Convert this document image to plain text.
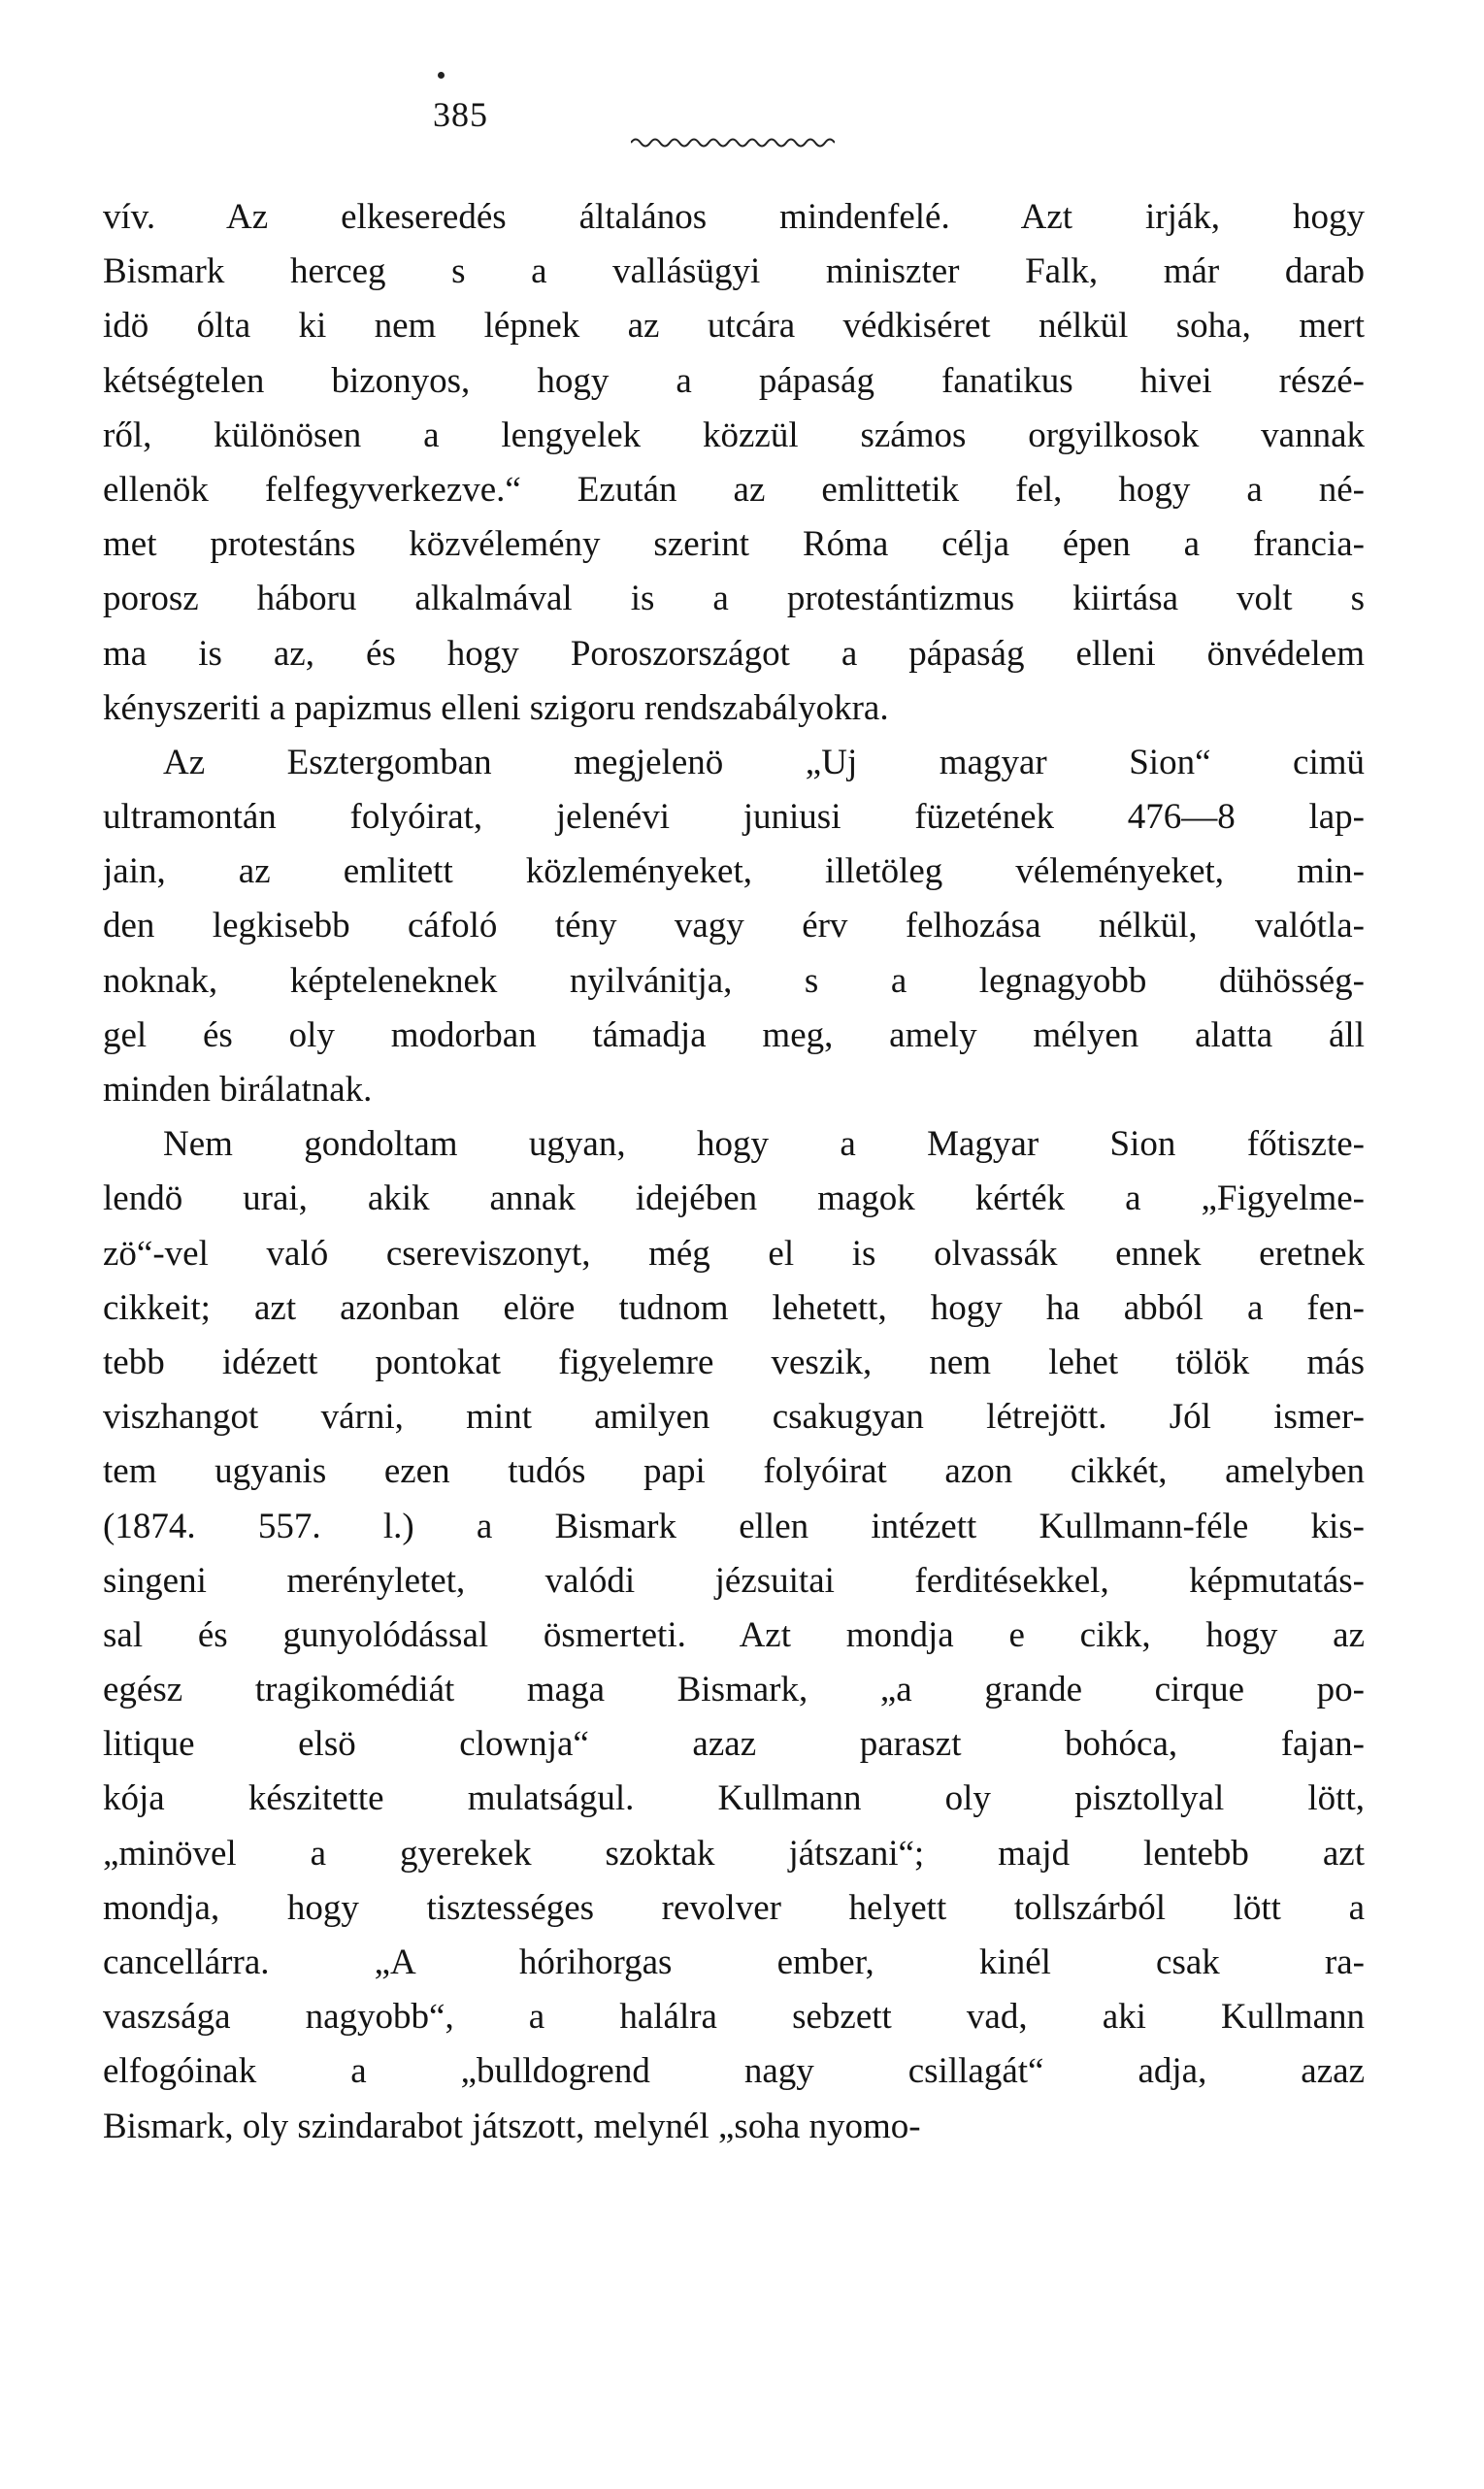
385
vív. Az elkeseredés általános mindenfelé. Azt irják, hogy
Bismark herceg s a vallásügyi miniszter Falk, már darab
idö ólta ki nem lépnek az utcára védkiséret nélkül soha, mert
kétségtelen bizonyos, hogy a pápaság fanatikus hivei részé-
ről, különösen a lengyelek közzül számos orgyilkosok vannak
ellenök felfegyverkezve.“ Ezután az emlittetik fel, hogy a né-
met protestáns közvélemény szerint Róma célja épen a francia-
porosz háboru alkalmával is a protestántizmus kiirtása volt s
ma is az, és hogy Poroszországot a pápaság elleni önvédelem
kényszeriti a papizmus elleni szigoru rendszabályokra.
Az Esztergomban megjelenö „Uj magyar Sion“ cimü
ultramontán folyóirat, jelenévi juniusi füzetének 476—8 lap-
jain, az emlitett közleményeket, illetöleg véleményeket, min-
den legkisebb cáfoló tény vagy érv felhozása nélkül, valótla-
noknak, képteleneknek nyilvánitja, s a legnagyobb dühösség-
gel és oly modorban támadja meg, amely mélyen alatta áll
minden birálatnak.
Nem gondoltam ugyan, hogy a Magyar Sion főtiszte-
lendö urai, akik annak idejében magok kérték a „Figyelme-
zö“-vel való csereviszonyt, még el is olvassák ennek eretnek
cikkeit; azt azonban elöre tudnom lehetett, hogy ha abból a fen-
tebb idézett pontokat figyelemre veszik, nem lehet tölök más
viszhangot várni, mint amilyen csakugyan létrejött. Jól ismer-
tem ugyanis ezen tudós papi folyóirat azon cikkét, amelyben
(1874. 557. l.) a Bismark ellen intézett Kullmann-féle kis-
singeni merényletet, valódi jézsuitai ferditésekkel, képmutatás-
sal és gunyolódással ösmerteti. Azt mondja e cikk, hogy az
egész tragikomédiát maga Bismark, „a grande cirque po-
litique elsö clownja“ azaz paraszt bohóca, fajan-
kója készitette mulatságul. Kullmann oly pisztollyal lött,
„minövel a gyerekek szoktak játszani“; majd lentebb azt
mondja, hogy tisztességes revolver helyett tollszárból lött a
cancellárra. „A hórihorgas ember, kinél csak ra-
vaszsága nagyobb“, a halálra sebzett vad, aki Kullmann
elfogóinak a „bulldogrend nagy csillagát“ adja, azaz
Bismark, oly szindarabot játszott, melynél „soha nyomo-
